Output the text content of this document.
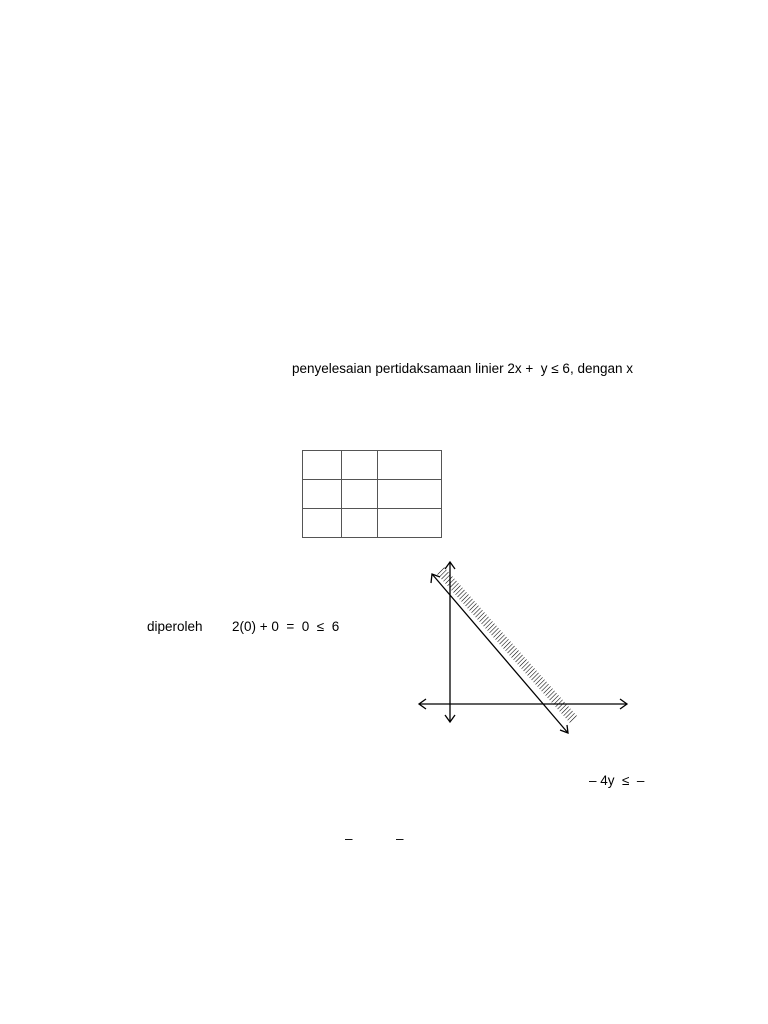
penyelesaian pertidaksamaan linier 2x +  y ≤ 6, dengan x

diperoleh 2(0) + 0  =  0  ≤  6
– 4y  ≤  –
–	–
